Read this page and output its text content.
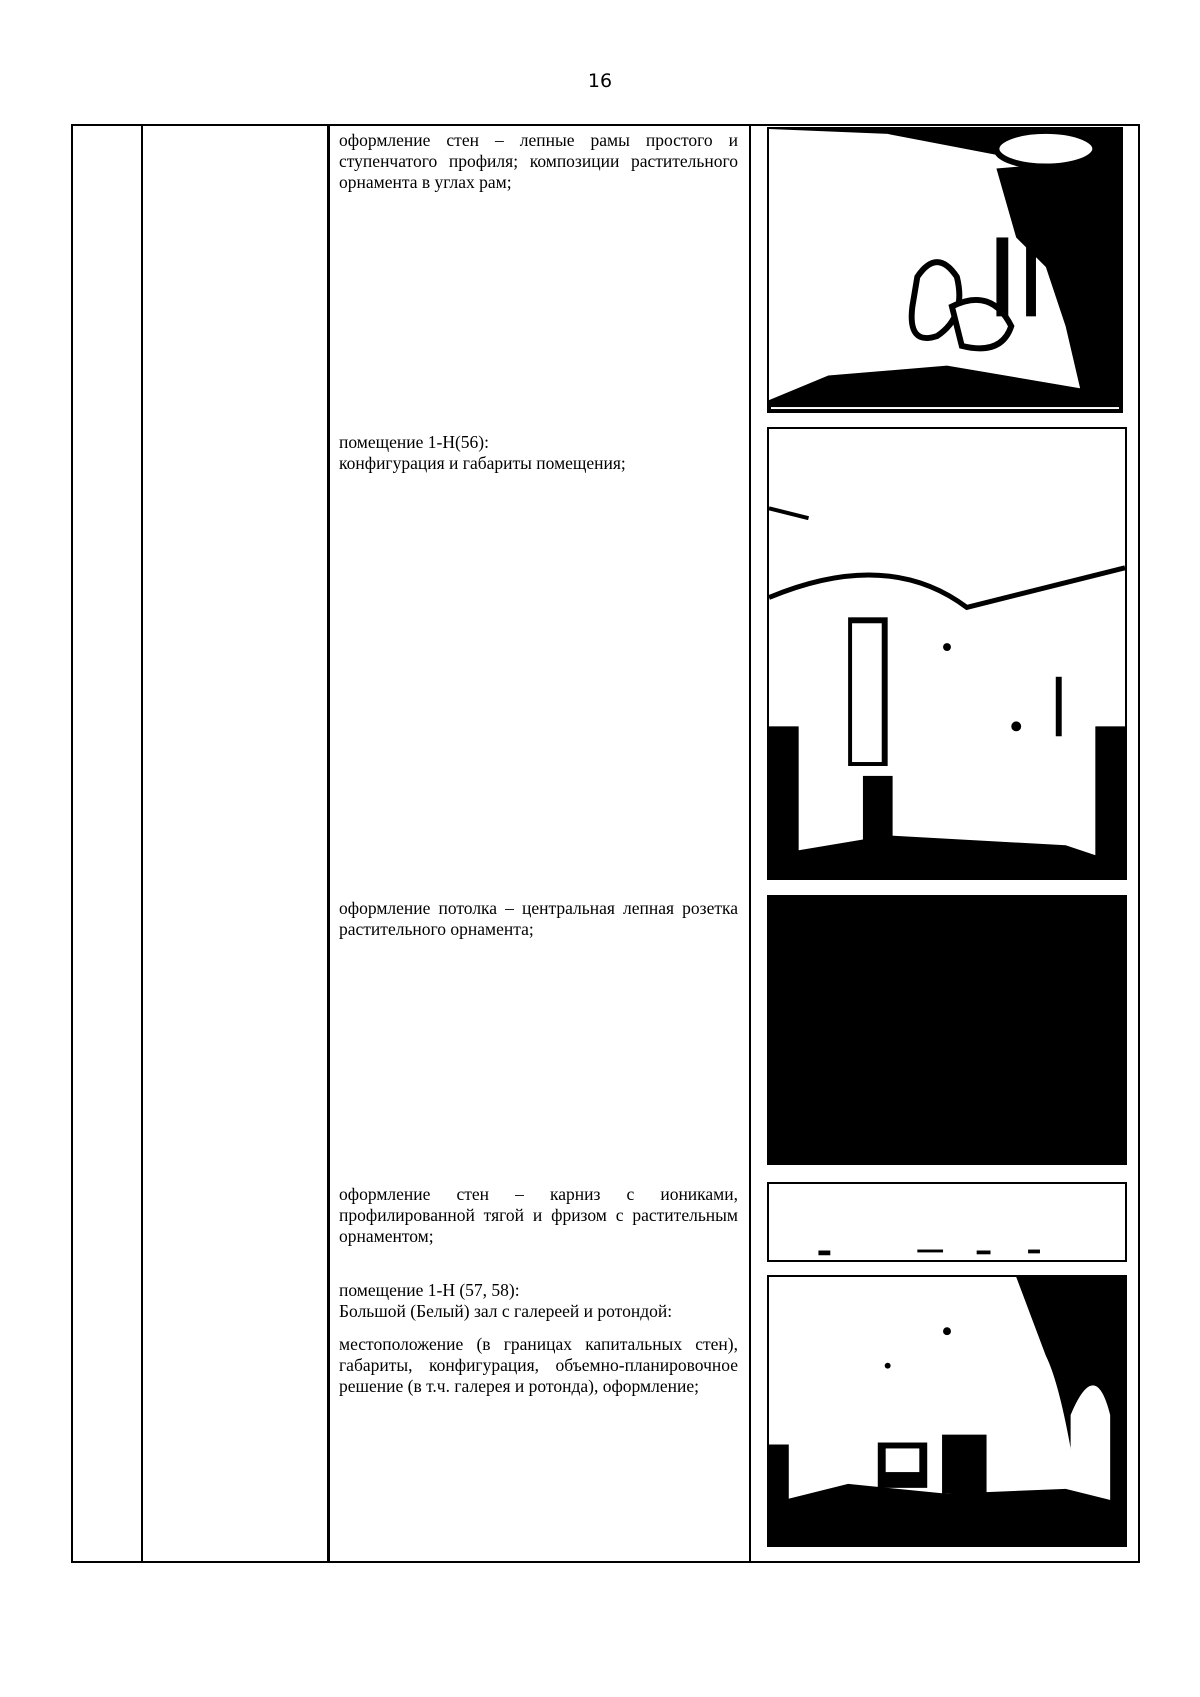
16

оформление стен – лепные рамы простого и ступенчатого профиля; композиции растительного орнамента в углах рам;

помещение 1-Н(56):

конфигурация и габариты помещения;

оформление потолка – центральная лепная розетка растительного орнамента;

оформление стен – карниз с иониками, профилированной тягой и фризом с растительным орнаментом;

помещение 1-Н (57, 58):

Большой (Белый) зал с галереей и ротондой:

местоположение (в границах капитальных стен), габариты, конфигурация, объемно-планировочное решение (в т.ч. галерея и ротонда), оформление;
